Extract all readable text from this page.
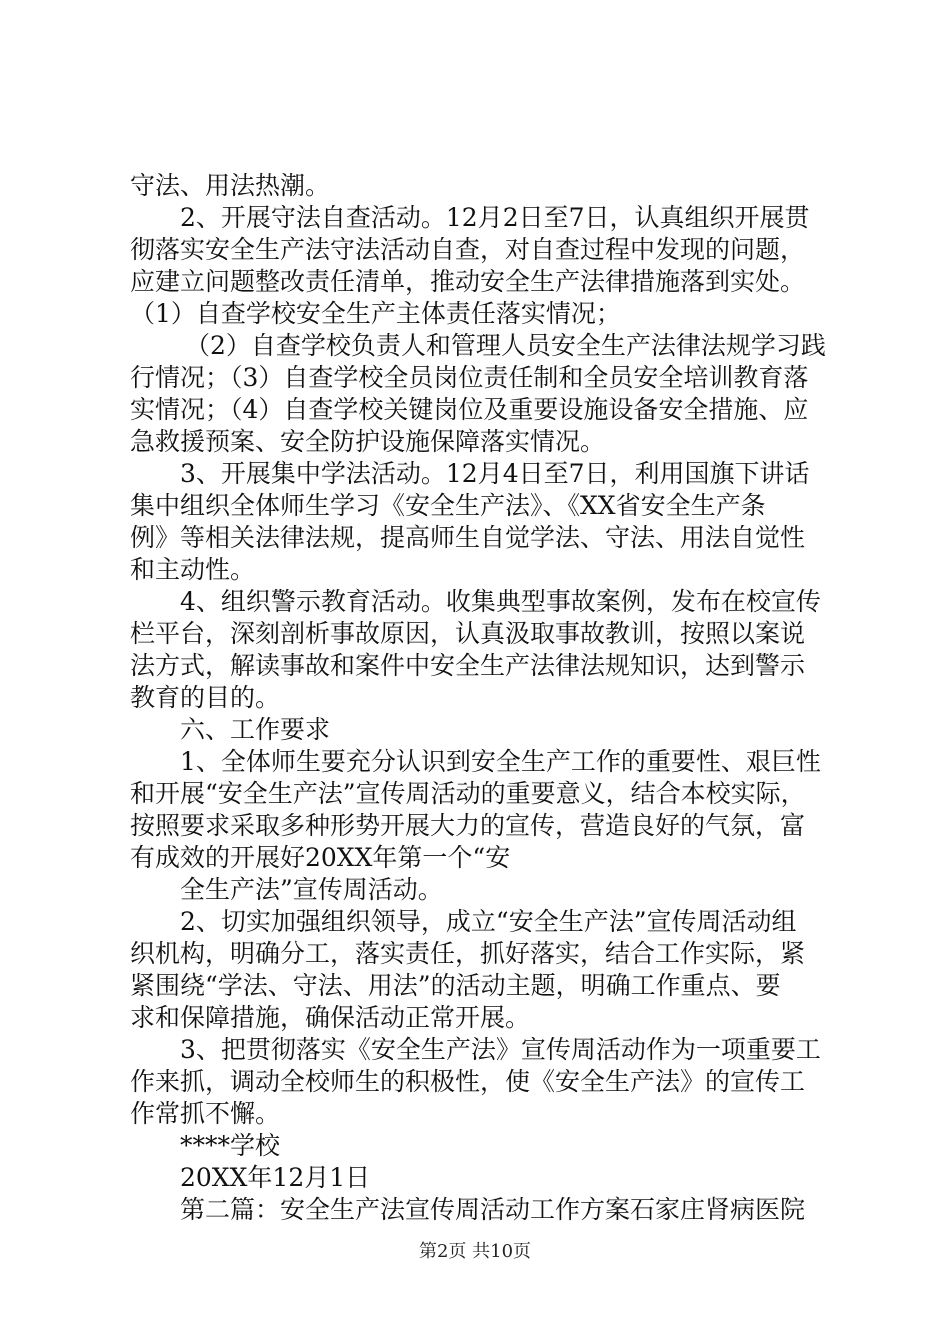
守法、用法热潮。
2、开展守法自查活动。12月2日至7日，认真组织开展贯
彻落实安全生产法守法活动自查，对自查过程中发现的问题，
应建立问题整改责任清单，推动安全生产法律措施落到实处。
（1）自查学校安全生产主体责任落实情况；
（2）自查学校负责人和管理人员安全生产法律法规学习践
行情况；（3）自查学校全员岗位责任制和全员安全培训教育落
实情况；（4）自查学校关键岗位及重要设施设备安全措施、应
急救援预案、安全防护设施保障落实情况。
3、开展集中学法活动。12月4日至7日，利用国旗下讲话
集中组织全体师生学习《安全生产法》、《XX省安全生产条
例》等相关法律法规，提高师生自觉学法、守法、用法自觉性
和主动性。
4、组织警示教育活动。收集典型事故案例，发布在校宣传
栏平台，深刻剖析事故原因，认真汲取事故教训，按照以案说
法方式，解读事故和案件中安全生产法律法规知识，达到警示
教育的目的。
六、工作要求
1、全体师生要充分认识到安全生产工作的重要性、艰巨性
和开展“安全生产法”宣传周活动的重要意义，结合本校实际，
按照要求采取多种形势开展大力的宣传，营造良好的气氛，富
有成效的开展好20XX年第一个“安
全生产法”宣传周活动。
2、切实加强组织领导，成立“安全生产法”宣传周活动组
织机构，明确分工，落实责任，抓好落实，结合工作实际，紧
紧围绕“学法、守法、用法”的活动主题，明确工作重点、要
求和保障措施，确保活动正常开展。
3、把贯彻落实《安全生产法》宣传周活动作为一项重要工
作来抓，调动全校师生的积极性，使《安全生产法》的宣传工
作常抓不懈。
****学校
20XX年12月1日
第二篇：安全生产法宣传周活动工作方案石家庄肾病医院
第2页 共10页
